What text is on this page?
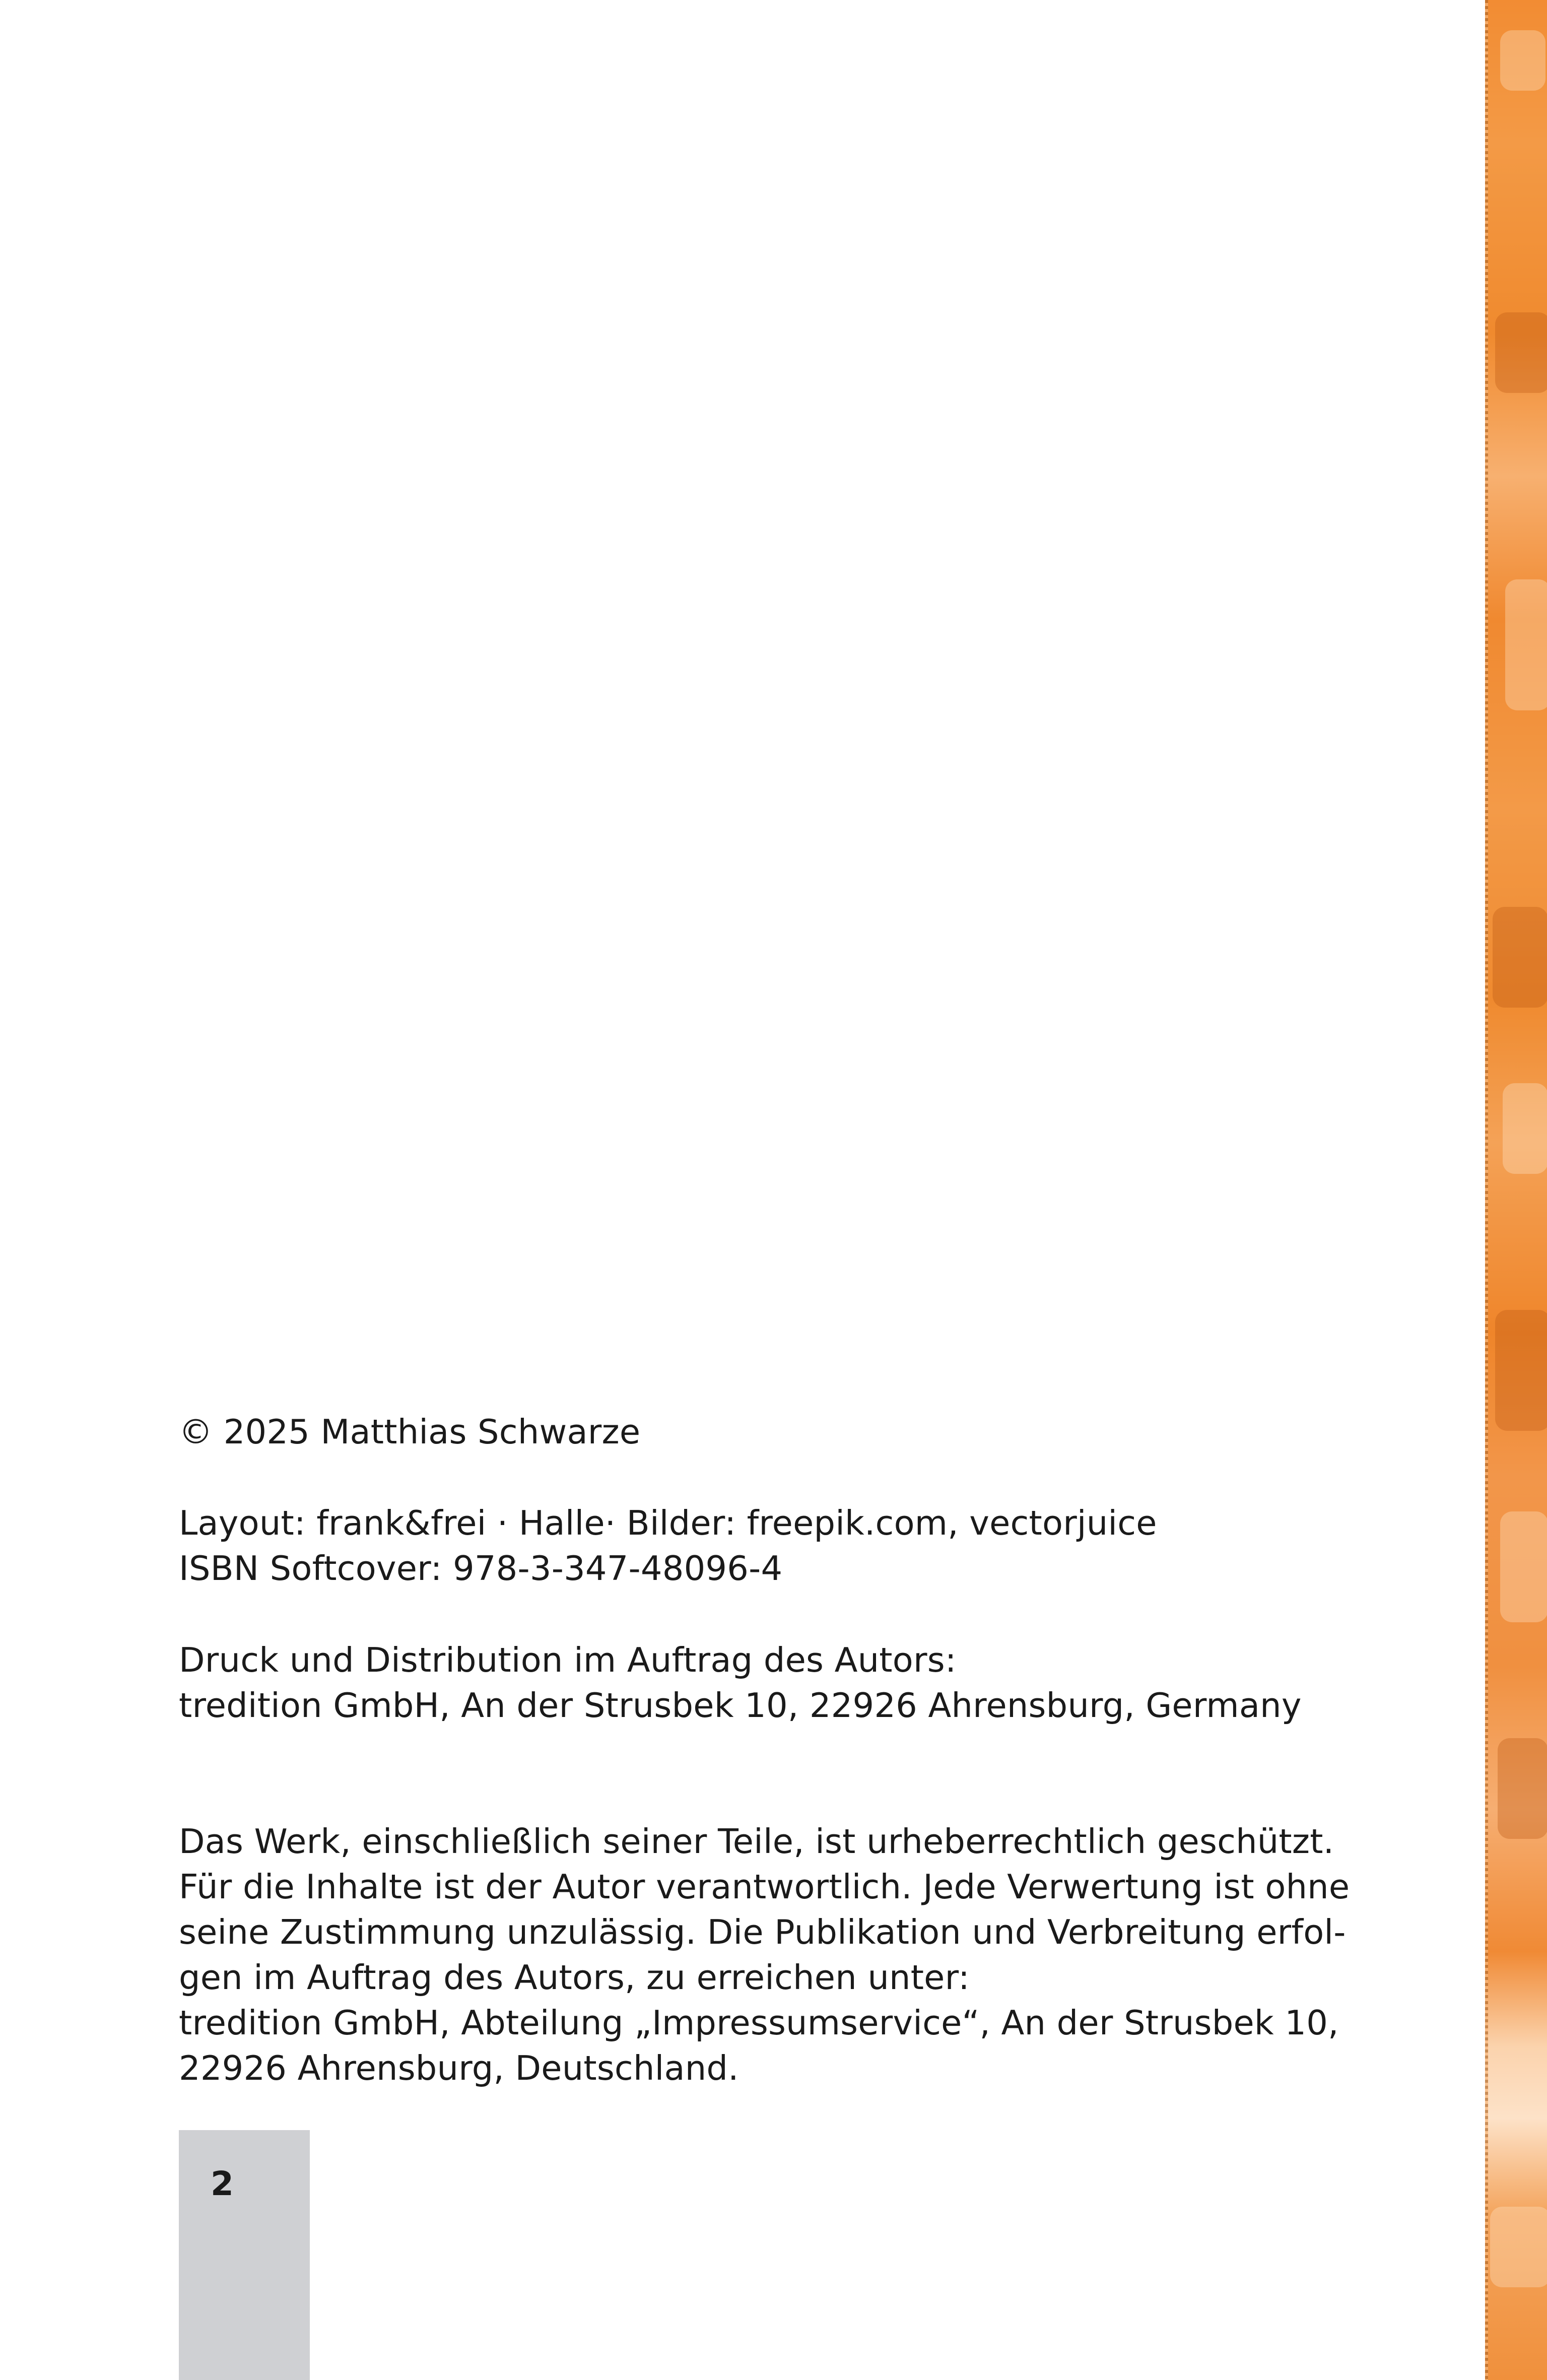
© 2025 Matthias Schwarze

Layout: frank&frei · Halle· Bilder: freepik.com, vectorjuice

ISBN Softcover: 978-3-347-48096-4

Druck und Distribution im Auftrag des Autors:

tredition GmbH, An der Strusbek 10, 22926 Ahrensburg, Germany

Das Werk, einschließlich seiner Teile, ist urheberrechtlich geschützt.

Für die Inhalte ist der Autor verantwortlich. Jede Verwertung ist ohne

seine Zustimmung unzulässig. Die Publikation und Verbreitung erfol-

gen im Auftrag des Autors, zu erreichen unter:

tredition GmbH, Abteilung „Impressumservice“, An der Strusbek 10,

22926 Ahrensburg, Deutschland.

2
